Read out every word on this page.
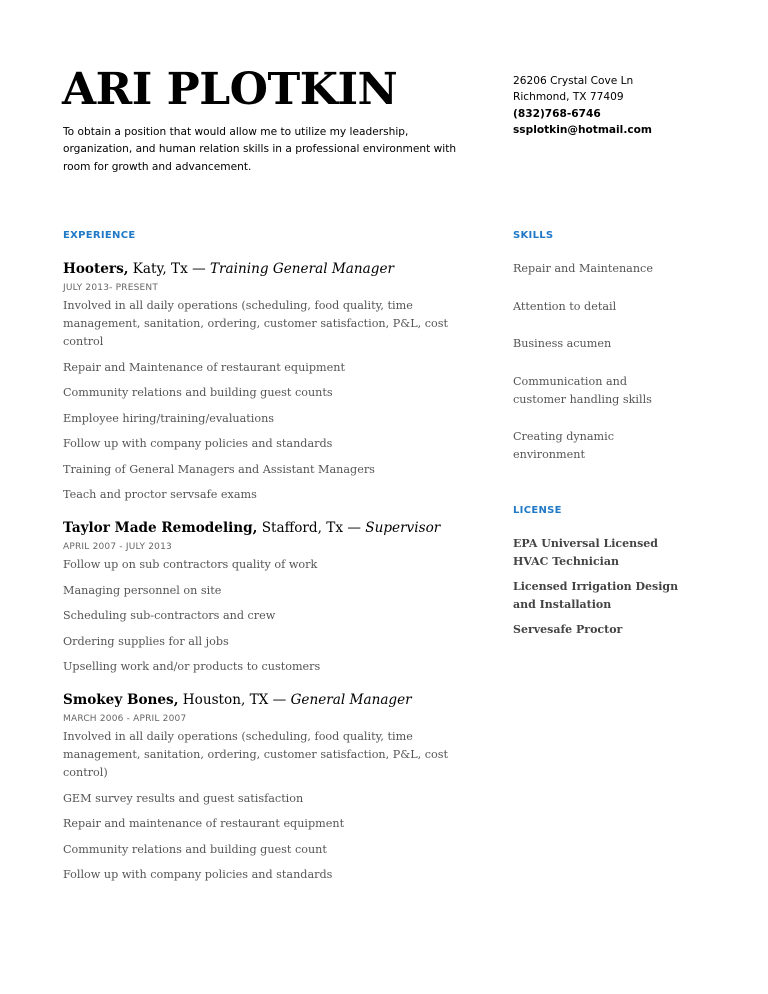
ARI PLOTKIN

To obtain a position that would allow me to utilize my leadership, organization, and human relation skills in a professional environment with room for growth and advancement.

26206 Crystal Cove Ln
Richmond, TX 77409
(832)768-6746
ssplotkin@hotmail.com
EXPERIENCE	SKILLS
LICENSE
Hooters, Katy, Tx — Training General Manager
JULY 2013- PRESENT
Involved in all daily operations (scheduling, food quality, time management, sanitation, ordering, customer satisfaction, P&L, cost control
Repair and Maintenance of restaurant equipment
Community relations and building guest counts
Employee hiring/training/evaluations
Follow up with company policies and standards
Training of General Managers and Assistant Managers
Teach and proctor servsafe exams
Taylor Made Remodeling, Stafford, Tx — Supervisor
APRIL 2007 - JULY 2013
Follow up on sub contractors quality of work
Managing personnel on site
Scheduling sub-contractors and crew
Ordering supplies for all jobs
Upselling work and/or products to customers
Smokey Bones, Houston, TX — General Manager
MARCH 2006 - APRIL 2007
Involved in all daily operations (scheduling, food quality, time management, sanitation, ordering, customer satisfaction, P&L, cost control)
GEM survey results and guest satisfaction
Repair and maintenance of restaurant equipment
Community relations and building guest count
Follow up with company policies and standards
Repair and Maintenance
Attention to detail
Business acumen
Communication and customer handling skills
Creating dynamic environment
EPA Universal Licensed HVAC Technician
Licensed Irrigation Design and Installation
Servesafe Proctor
